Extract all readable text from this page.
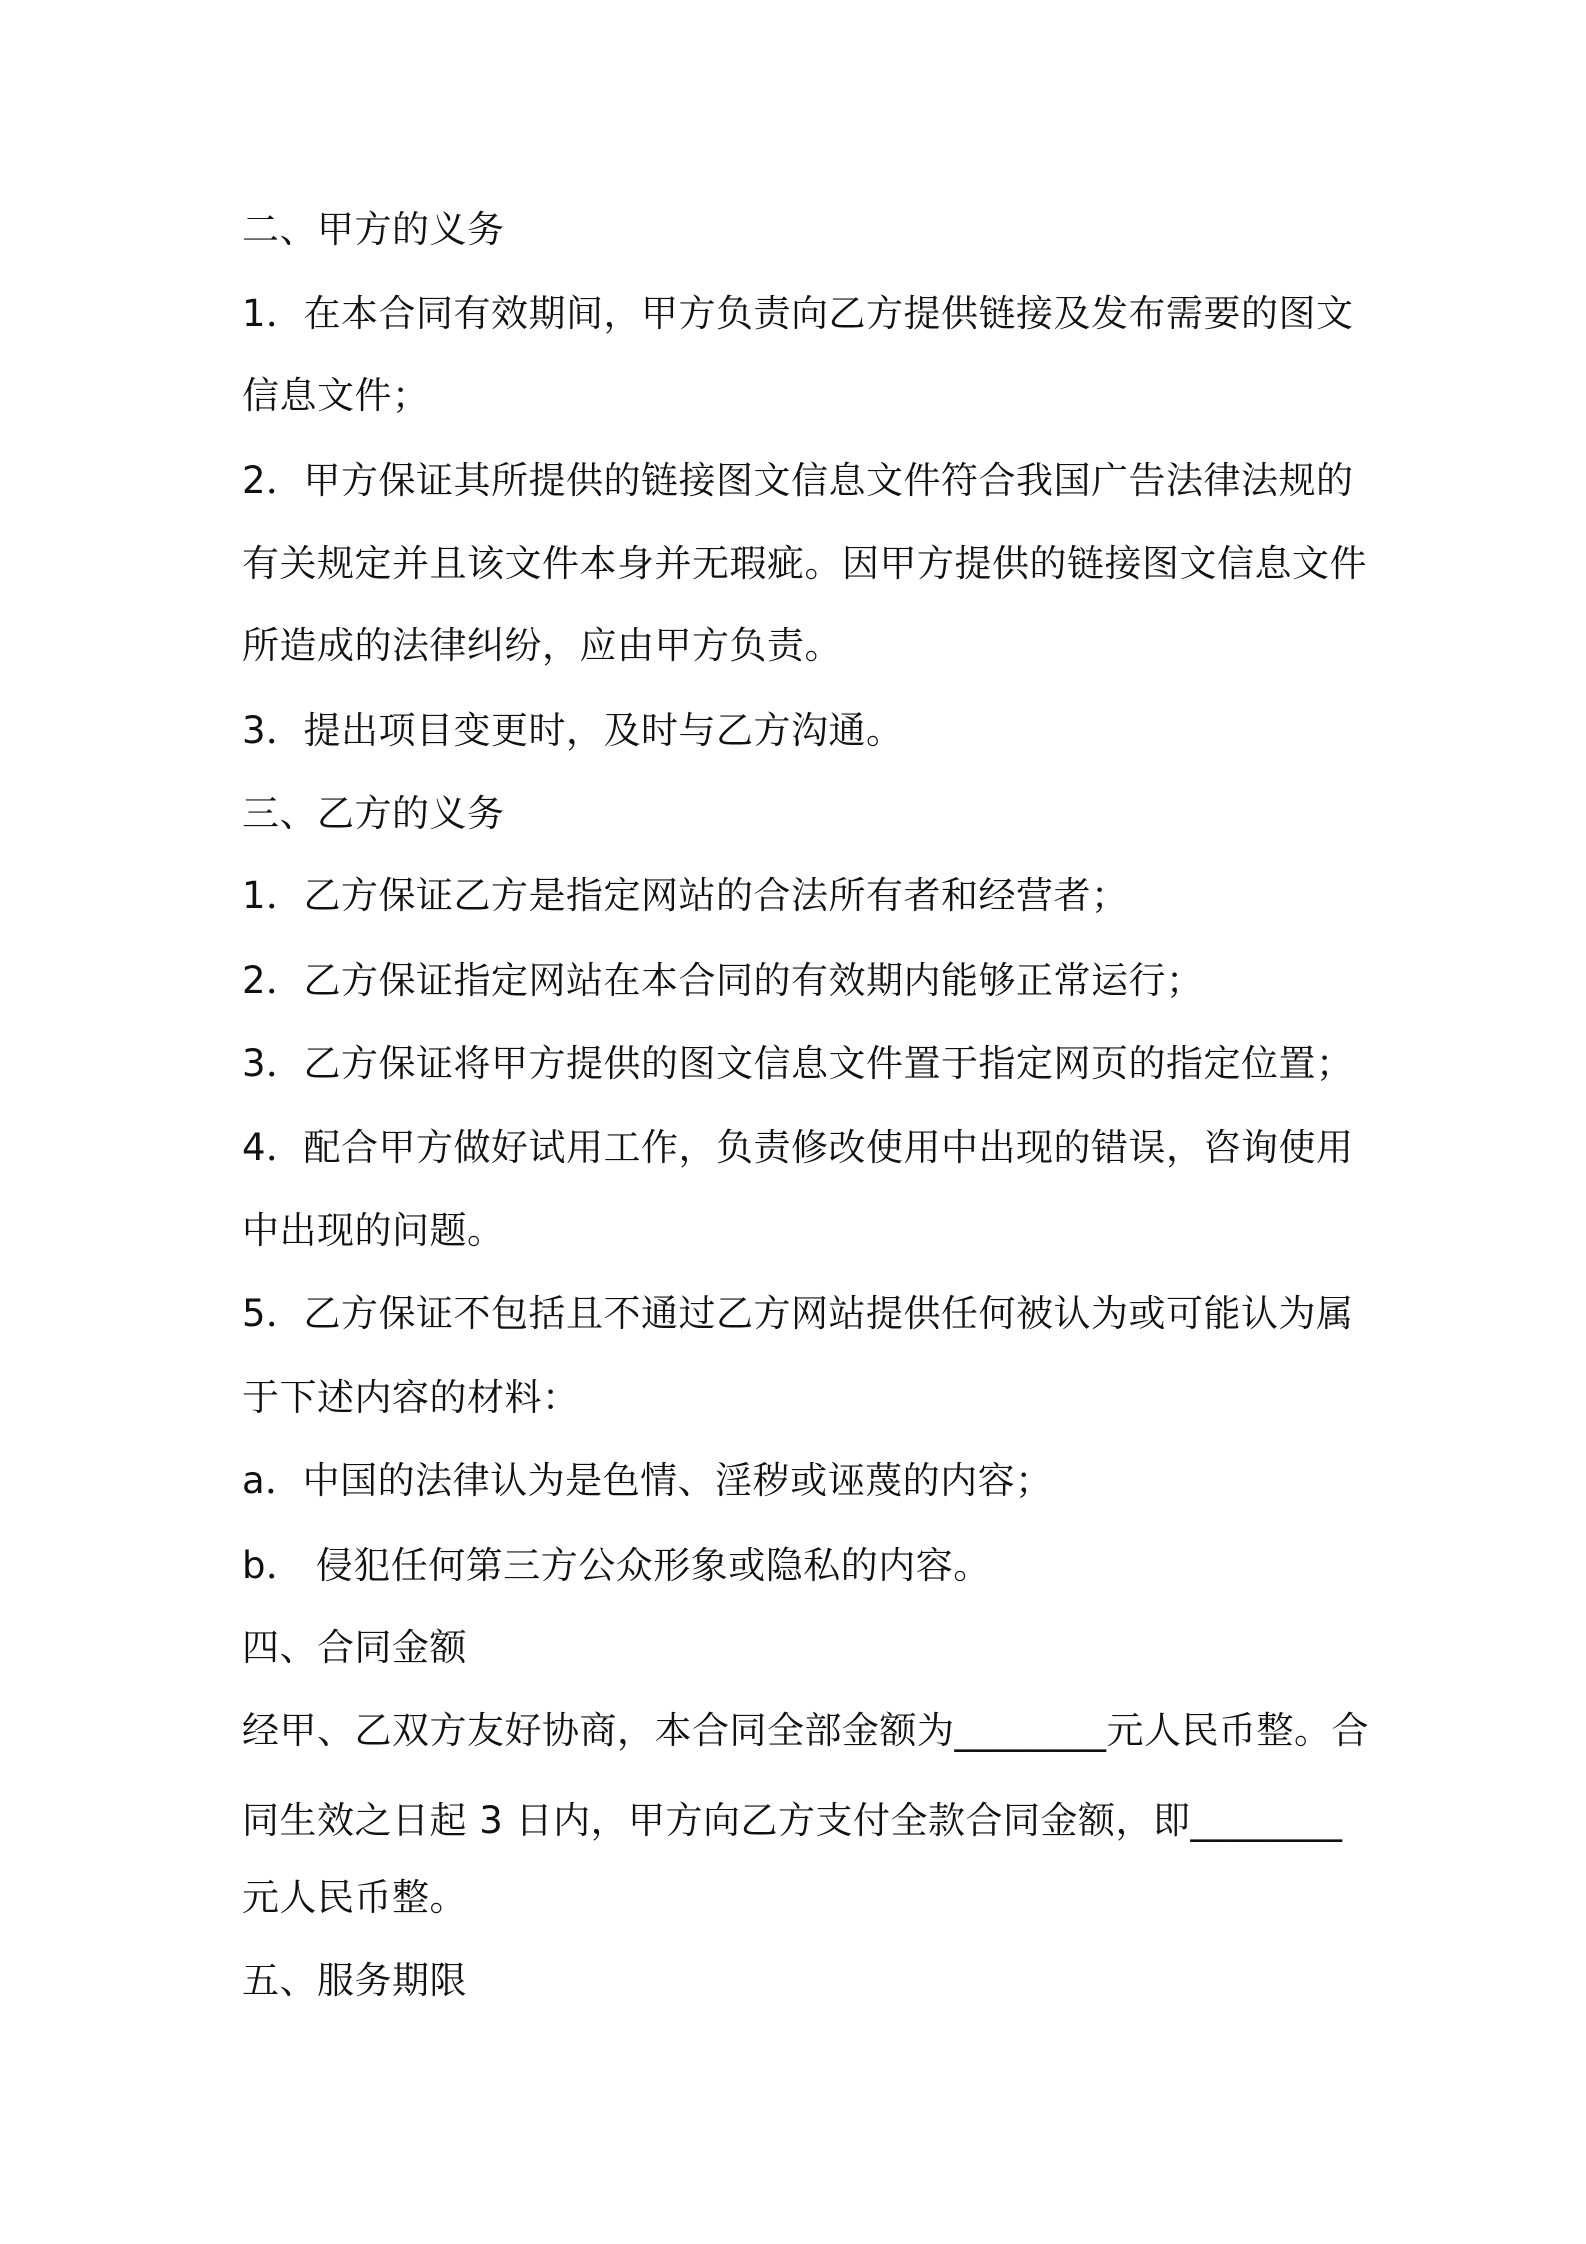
二、甲方的义务
1．在本合同有效期间，甲方负责向乙方提供链接及发布需要的图文
信息文件；
2．甲方保证其所提供的链接图文信息文件符合我国广告法律法规的
有关规定并且该文件本身并无瑕疵。因甲方提供的链接图文信息文件
所造成的法律纠纷，应由甲方负责。
3．提出项目变更时，及时与乙方沟通。
三、乙方的义务
1．乙方保证乙方是指定网站的合法所有者和经营者；
2．乙方保证指定网站在本合同的有效期内能够正常运行；
3．乙方保证将甲方提供的图文信息文件置于指定网页的指定位置；
4．配合甲方做好试用工作，负责修改使用中出现的错误，咨询使用
中出现的问题。
5．乙方保证不包括且不通过乙方网站提供任何被认为或可能认为属
于下述内容的材料：
a．中国的法律认为是色情、淫秽或诬蔑的内容；
b． 侵犯任何第三方公众形象或隐私的内容。
四、合同金额
经甲、乙双方友好协商，本合同全部金额为________元人民币整。合
同生效之日起 3 日内，甲方向乙方支付全款合同金额，即________
元人民币整。
五、服务期限
